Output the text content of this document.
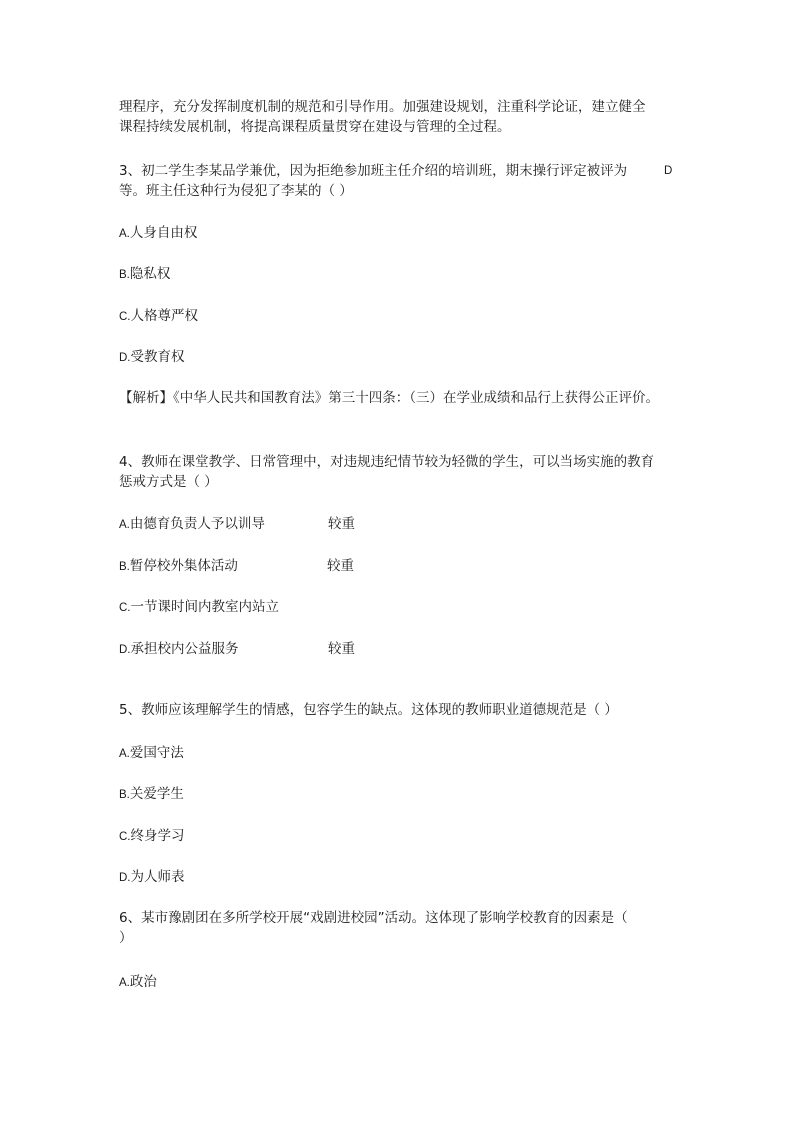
理程序，充分发挥制度机制的规范和引导作用。加强建设规划，注重科学论证，建立健全
课程持续发展机制，将提高课程质量贯穿在建设与管理的全过程。
3、初二学生李某品学兼优，因为拒绝参加班主任介绍的培训班，期末操行评定被评为	D
等。班主任这种行为侵犯了李某的（ ）
A.人身自由权
B.隐私权
C.人格尊严权
D.受教育权
【解析】《中华人民共和国教育法》第三十四条：（三）在学业成绩和品行上获得公正评价。
4、教师在课堂教学、日常管理中，对违规违纪情节较为轻微的学生，可以当场实施的教育
惩戒方式是（ ）
A.由德育负责人予以训导	较重
B.暂停校外集体活动	较重
C.一节课时间内教室内站立
D.承担校内公益服务	较重
5、教师应该理解学生的情感，包容学生的缺点。这体现的教师职业道德规范是（ ）
A.爱国守法
B.关爱学生
C.终身学习
D.为人师表
6、某市豫剧团在多所学校开展“戏剧进校园”活动。这体现了影响学校教育的因素是（
）
A.政治
